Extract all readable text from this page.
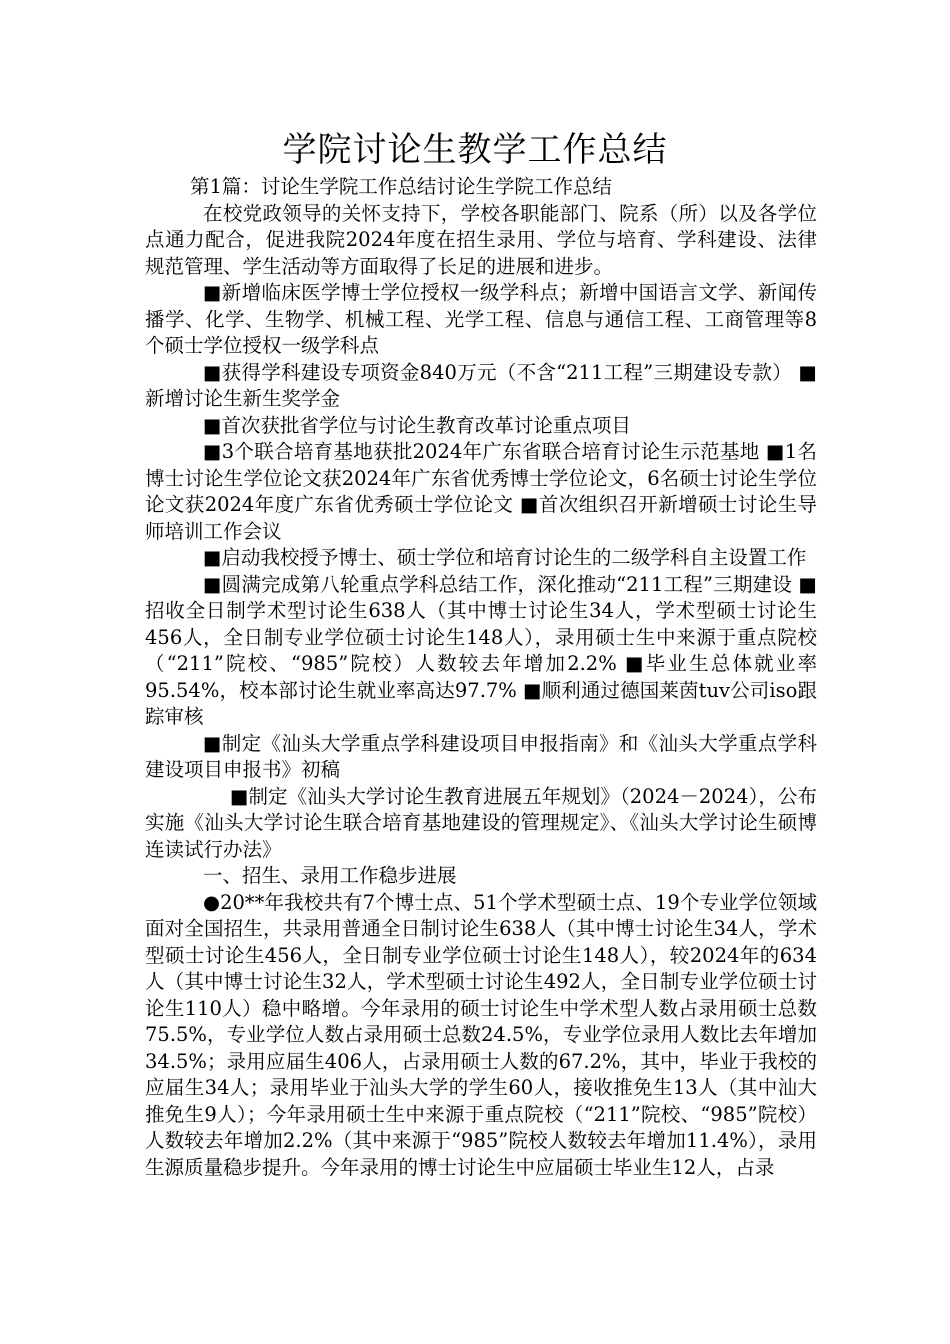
学院讨论生教学工作总结

第1篇：讨论生学院工作总结讨论生学院工作总结

在校党政领导的关怀支持下，学校各职能部门、院系（所）以及各学位点通力配合，促进我院2024年度在招生录用、学位与培育、学科建设、法律规范管理、学生活动等方面取得了长足的进展和进步。

■新增临床医学博士学位授权一级学科点；新增中国语言文学、新闻传播学、化学、生物学、机械工程、光学工程、信息与通信工程、工商管理等8个硕士学位授权一级学科点

■获得学科建设专项资金840万元（不含“211工程”三期建设专款） ■新增讨论生新生奖学金

■首次获批省学位与讨论生教育改革讨论重点项目

■3个联合培育基地获批2024年广东省联合培育讨论生示范基地 ■1名博士讨论生学位论文获2024年广东省优秀博士学位论文，6名硕士讨论生学位论文获2024年度广东省优秀硕士学位论文 ■首次组织召开新增硕士讨论生导师培训工作会议

■启动我校授予博士、硕士学位和培育讨论生的二级学科自主设置工作

■圆满完成第八轮重点学科总结工作，深化推动“211工程”三期建设 ■招收全日制学术型讨论生638人（其中博士讨论生34人，学术型硕士讨论生456人，全日制专业学位硕士讨论生148人），录用硕士生中来源于重点院校（“211”院校、“985”院校）人数较去年增加2.2% ■毕业生总体就业率95.54%，校本部讨论生就业率高达97.7% ■顺利通过德国莱茵tuv公司iso跟踪审核

■制定《汕头大学重点学科建设项目申报指南》和《汕头大学重点学科建设项目申报书》初稿

■制定《汕头大学讨论生教育进展五年规划》（2024－2024），公布实施《汕头大学讨论生联合培育基地建设的管理规定》、《汕头大学讨论生硕博连读试行办法》

一、招生、录用工作稳步进展

●20**年我校共有7个博士点、51个学术型硕士点、19个专业学位领域面对全国招生，共录用普通全日制讨论生638人（其中博士讨论生34人，学术型硕士讨论生456人，全日制专业学位硕士讨论生148人），较2024年的634人（其中博士讨论生32人，学术型硕士讨论生492人，全日制专业学位硕士讨论生110人）稳中略增。今年录用的硕士讨论生中学术型人数占录用硕士总数75.5%，专业学位人数占录用硕士总数24.5%，专业学位录用人数比去年增加34.5%；录用应届生406人，占录用硕士人数的67.2%，其中，毕业于我校的应届生34人；录用毕业于汕头大学的学生60人，接收推免生13人（其中汕大推免生9人）；今年录用硕士生中来源于重点院校（“211”院校、“985”院校）人数较去年增加2.2%（其中来源于“985”院校人数较去年增加11.4%），录用生源质量稳步提升。今年录用的博士讨论生中应届硕士毕业生12人，占录
